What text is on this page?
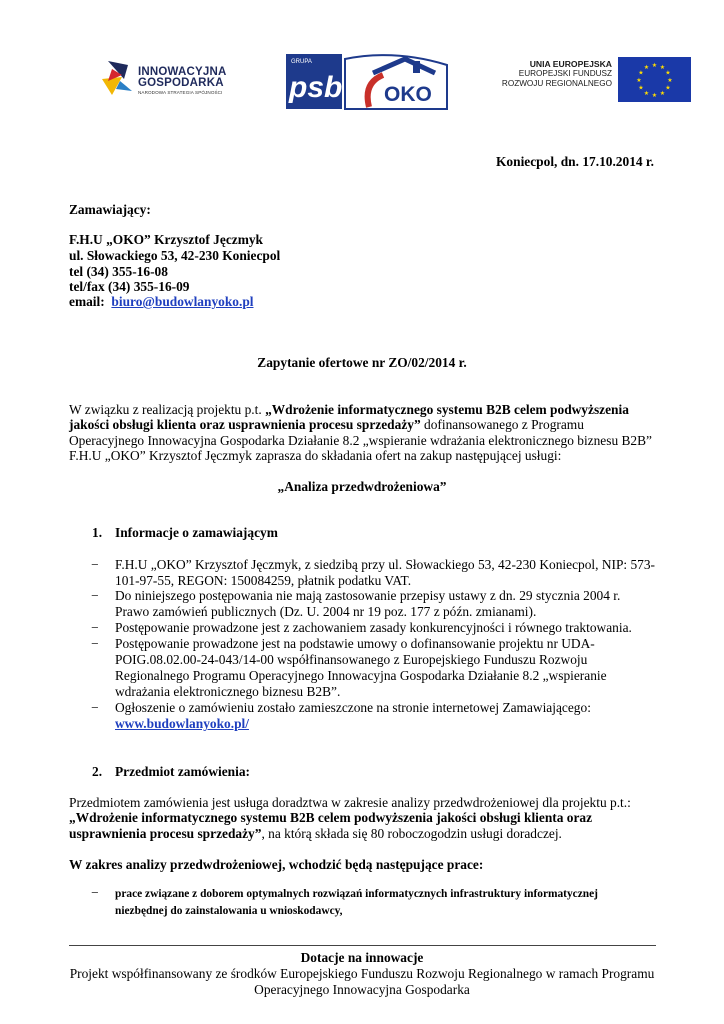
INNOWACYJNA
GOSPODARKA
NARODOWA STRATEGIA SPÓJNOŚCI
GRUPA
psb OKO
UNIA EUROPEJSKA
EUROPEJSKI FUNDUSZ
ROZWOJU REGIONALNEGO
★ ★
★
★
★
★
★
★
★
★
★
★
Koniecpol, dn. 17.10.2014 r.
Zamawiający:
F.H.U „OKO” Krzysztof Jęczmyk
ul. Słowackiego 53, 42-230 Koniecpol
tel (34) 355-16-08
tel/fax (34) 355-16-09
email: biuro@budowlanyoko.pl
Zapytanie ofertowe nr ZO/02/2014 r.
W związku z realizacją projektu p.t. „Wdrożenie informatycznego systemu B2B celem podwyższenia
jakości obsługi klienta oraz usprawnienia procesu sprzedaży” dofinansowanego z Programu
Operacyjnego Innowacyjna Gospodarka Działanie 8.2 „wspieranie wdrażania elektronicznego biznesu B2B”
F.H.U „OKO” Krzysztof Jęczmyk zaprasza do składania ofert na zakup następującej usługi:
„Analiza przedwdrożeniowa”
1. Informacje o zamawiającym
− F.H.U „OKO” Krzysztof Jęczmyk, z siedzibą przy ul. Słowackiego 53, 42-230 Koniecpol, NIP: 573-
101-97-55, REGON: 150084259, płatnik podatku VAT.
− Do niniejszego postępowania nie mają zastosowanie przepisy ustawy z dn. 29 stycznia 2004 r.
Prawo zamówień publicznych (Dz. U. 2004 nr 19 poz. 177 z późn. zmianami).
− Postępowanie prowadzone jest z zachowaniem zasady konkurencyjności i równego traktowania.
− Postępowanie prowadzone jest na podstawie umowy o dofinansowanie projektu nr UDA-
POIG.08.02.00-24-043/14-00 współfinansowanego z Europejskiego Funduszu Rozwoju
Regionalnego Programu Operacyjnego Innowacyjna Gospodarka Działanie 8.2 „wspieranie
wdrażania elektronicznego biznesu B2B”.
− Ogłoszenie o zamówieniu zostało zamieszczone na stronie internetowej Zamawiającego:
www.budowlanyoko.pl/
2. Przedmiot zamówienia:
Przedmiotem zamówienia jest usługa doradztwa w zakresie analizy przedwdrożeniowej dla projektu p.t.:
„Wdrożenie informatycznego systemu B2B celem podwyższenia jakości obsługi klienta oraz
usprawnienia procesu sprzedaży”, na którą składa się 80 roboczogodzin usługi doradczej.
W zakres analizy przedwdrożeniowej, wchodzić będą następujące prace:
− prace związane z doborem optymalnych rozwiązań informatycznych infrastruktury informatycznej
niezbędnej do zainstalowania u wnioskodawcy,
Dotacje na innowacje
Projekt współfinansowany ze środków Europejskiego Funduszu Rozwoju Regionalnego w ramach Programu
Operacyjnego Innowacyjna Gospodarka
